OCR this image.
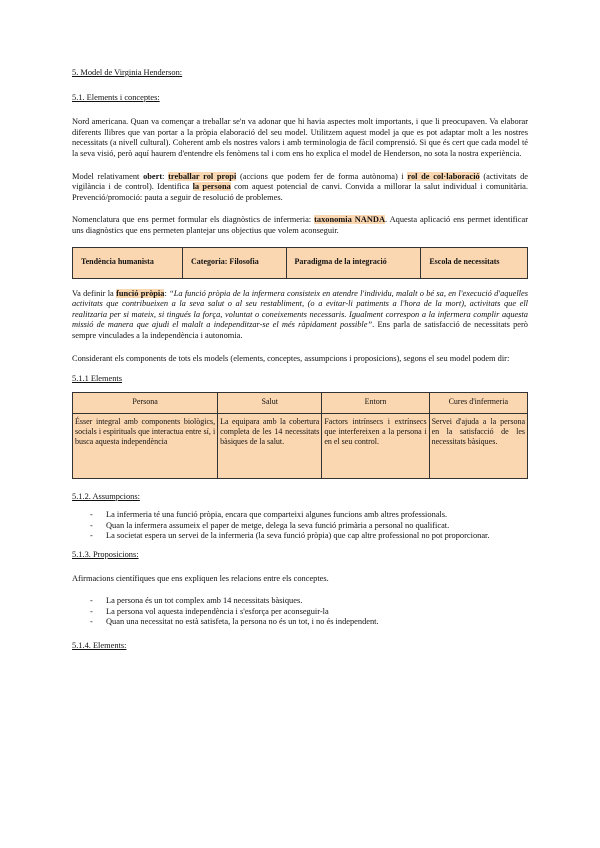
5. Model de Virginia Henderson:

5.1. Elements i conceptes:

Nord americana. Quan va començar a treballar se'n va adonar que hi havia aspectes molt importants, i que li preocupaven. Va elaborar diferents llibres que van portar a la pròpia elaboració del seu model. Utilitzem aquest model ja que es pot adaptar molt a les nostres necessitats (a nivell cultural). Coherent amb els nostres valors i amb terminologia de fàcil comprensió. Si que és cert que cada model té la seva visió, però aquí haurem d'entendre els fenòmens tal i com ens ho explica el model de Henderson, no sota la nostra experiència.

Model relativament obert: treballar rol propi (accions que podem fer de forma autònoma) i rol de col·laboració (activitats de vigilància i de control). Identifica la persona com aquest potencial de canvi. Convida a millorar la salut individual i comunitària. Prevenció/promoció: pauta a seguir de resolució de problemes.

Nomenclatura que ens permet formular els diagnòstics de infermeria: taxonomia NANDA. Aquesta aplicació ens permet identificar uns diagnòstics que ens permeten plantejar uns objectius que volem aconseguir.

Tendència humanista	Categoria: Filosofia	Paradigma de la integració	Escola de necessitats

Va definir la funció pròpia: “La funció pròpia de la infermera consisteix en atendre l'individu, malalt o bé sa, en l'execució d'aquelles activitats que contribueixen a la seva salut o al seu restabliment, (o a evitar-li patiments a l'hora de la mort), activitats que ell realitzaria per si mateix, si tingués la força, voluntat o coneixements necessaris. Igualment correspon a la infermera complir aquesta missió de manera que ajudi el malalt a independitzar-se el més ràpidament possible”. Ens parla de satisfacció de necessitats però sempre vinculades a la independència i autonomia.

Considerant els components de tots els models (elements, conceptes, assumpcions i proposicions), segons el seu model podem dir:

5.1.1 Elements

Persona	Salut	Entorn	Cures d'infermeria
Ésser integral amb components biològics, socials i espirituals que interactua entre sí, i busca aquesta independència	La equipara amb la cobertura completa de les 14 necessitats bàsiques de la salut.	Factors intrínsecs i extrínsecs que interfereixen a la persona i en el seu control.	Servei d'ajuda a la persona en la satisfacció de les necessitats bàsiques.

5.1.2. Assumpcions:

- La infermeria té una funció pròpia, encara que comparteixi algunes funcions amb altres professionals.
- Quan la infermera assumeix el paper de metge, delega la seva funció primària a personal no qualificat.
- La societat espera un servei de la infermeria (la seva funció pròpia) que cap altre professional no pot proporcionar.

5.1.3. Proposicions:

Afirmacions científiques que ens expliquen les relacions entre els conceptes.

- La persona és un tot complex amb 14 necessitats bàsiques.
- La persona vol aquesta independència i s'esforça per aconseguir-la
- Quan una necessitat no està satisfeta, la persona no és un tot, i no és independent.

5.1.4. Elements:
